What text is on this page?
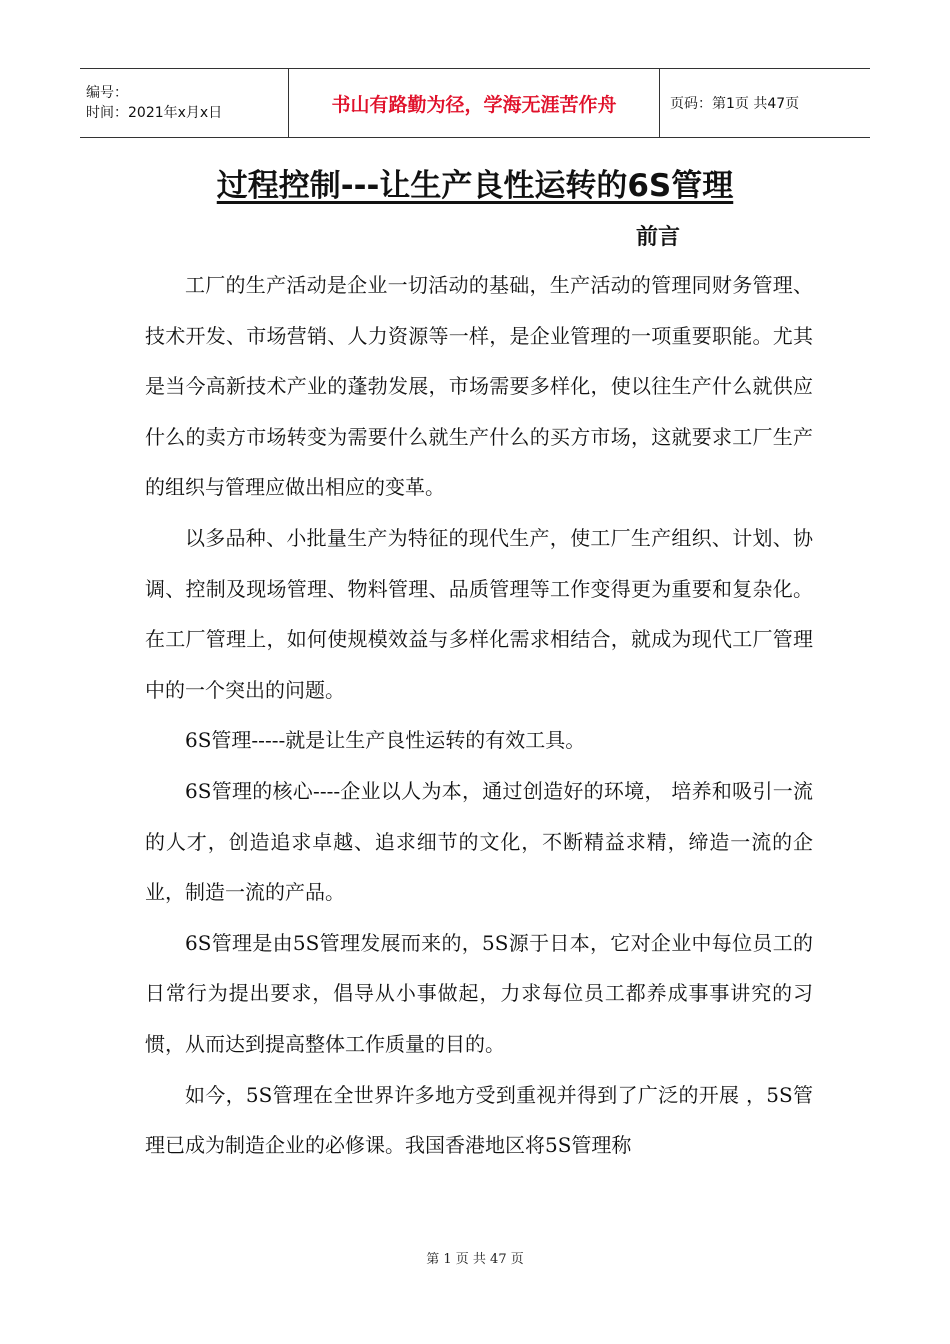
编号：
时间：2021年x月x日	书山有路勤为径，学海无涯苦作舟	页码：第1页 共47页
过程控制---让生产良性运转的6S管理
前言

工厂的生产活动是企业一切活动的基础，生产活动的管理同财务管理、技术开发、市场营销、人力资源等一样，是企业管理的一项重要职能。尤其是当今高新技术产业的蓬勃发展，市场需要多样化，使以往生产什么就供应什么的卖方市场转变为需要什么就生产什么的买方市场，这就要求工厂生产的组织与管理应做出相应的变革。

以多品种、小批量生产为特征的现代生产，使工厂生产组织、计划、协调、控制及现场管理、物料管理、品质管理等工作变得更为重要和复杂化。在工厂管理上，如何使规模效益与多样化需求相结合，就成为现代工厂管理中的一个突出的问题。

6S管理-----就是让生产良性运转的有效工具。

6S管理的核心----企业以人为本，通过创造好的环境， 培养和吸引一流的人才，创造追求卓越、追求细节的文化，不断精益求精，缔造一流的企业，制造一流的产品。

6S管理是由5S管理发展而来的，5S源于日本，它对企业中每位员工的日常行为提出要求，倡导从小事做起，力求每位员工都养成事事讲究的习惯，从而达到提高整体工作质量的目的。

如今，5S管理在全世界许多地方受到重视并得到了广泛的开展 ，5S管理已成为制造企业的必修课。我国香港地区将5S管理称

第 1 页 共 47 页
